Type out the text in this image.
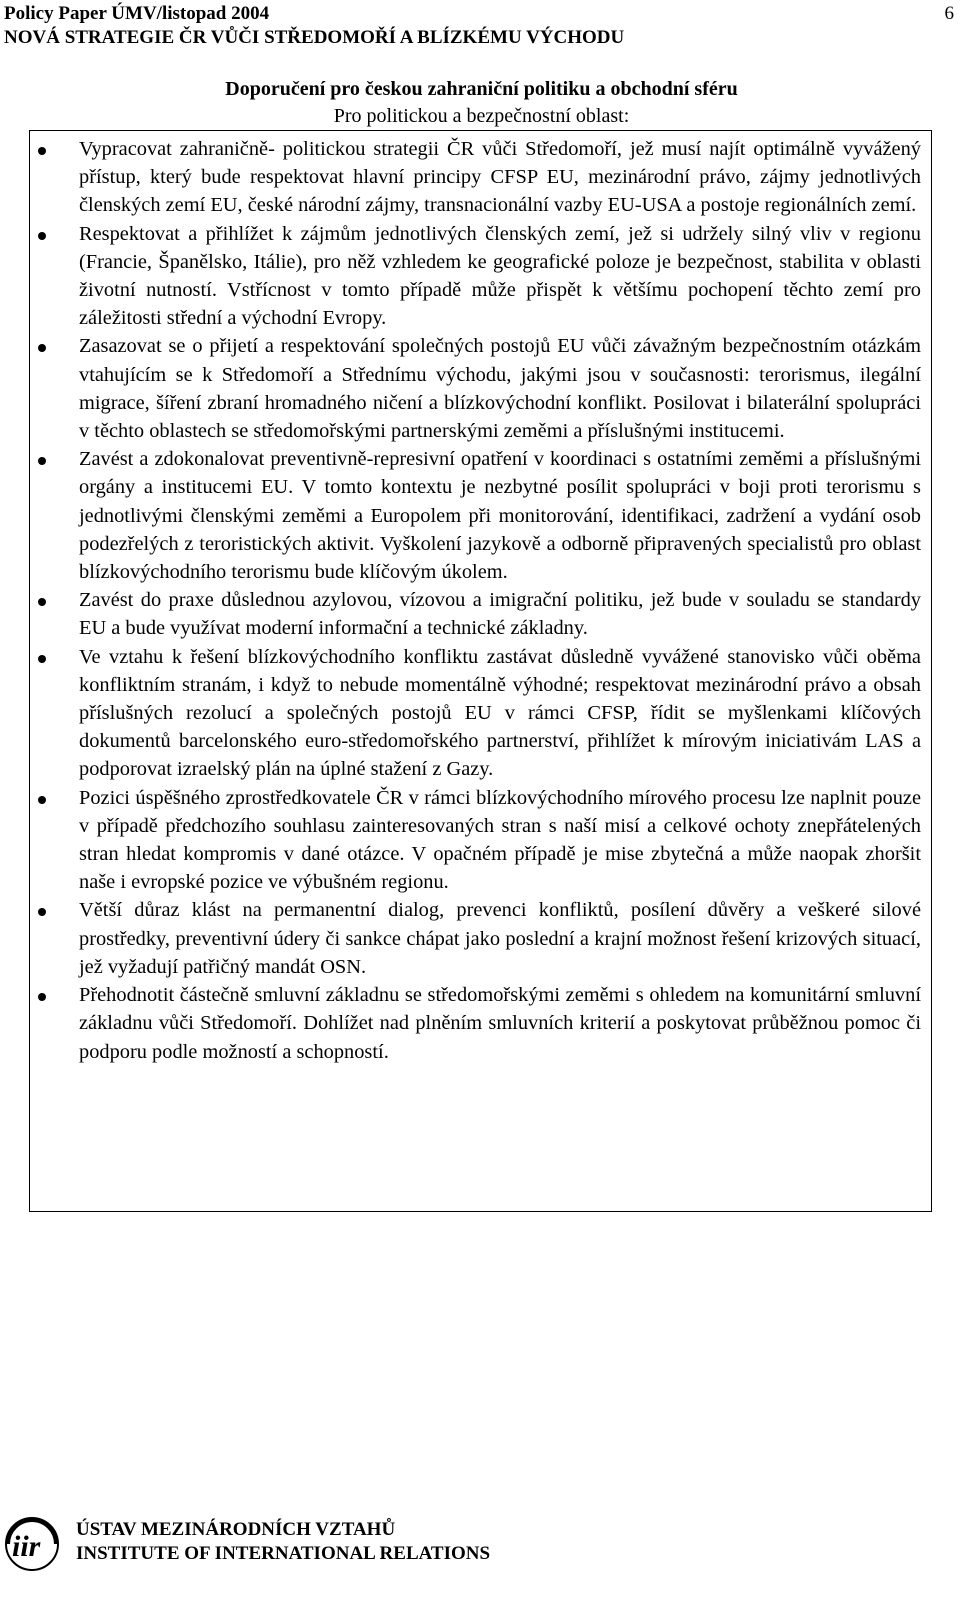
Policy Paper ÚMV/listopad 2004
NOVÁ STRATEGIE ČR VŮČI STŘEDOMOŘÍ A BLÍZKÉMU VÝCHODU
6
Doporučení pro českou zahraniční politiku a obchodní sféru
Pro politickou a bezpečnostní oblast:
Vypracovat zahraničně- politickou strategii ČR vůči Středomoří, jež musí najít optimálně vyvážený přístup, který bude respektovat hlavní principy CFSP EU, mezinárodní právo, zájmy jednotlivých členských zemí EU, české národní zájmy, transnacionální vazby EU-USA a postoje regionálních zemí.
Respektovat a přihlížet k zájmům jednotlivých členských zemí, jež si udržely silný vliv v regionu (Francie, Španělsko, Itálie), pro něž vzhledem ke geografické poloze je bezpečnost, stabilita v oblasti životní nutností. Vstřícnost v tomto případě může přispět k většímu pochopení těchto zemí pro záležitosti střední a východní Evropy.
Zasazovat se o přijetí a respektování společných postojů EU vůči závažným bezpečnostním otázkám vtahujícím se k Středomoří a Střednímu východu, jakými jsou v současnosti: terorismus, ilegální migrace, šíření zbraní hromadného ničení a blízkovýchodní konflikt. Posilovat i bilaterální spolupráci v těchto oblastech se středomořskými partnerskými zeměmi a příslušnými institucemi.
Zavést a zdokonalovat preventivně-represivní opatření v koordinaci s ostatními zeměmi a příslušnými orgány a institucemi EU. V tomto kontextu je nezbytné posílit spolupráci v boji proti terorismu s jednotlivými členskými zeměmi a Europolem při monitorování, identifikaci, zadržení a vydání osob podezřelých z teroristických aktivit. Vyškolení jazykově a odborně připravených specialistů pro oblast blízkovýchodního terorismu bude klíčovým úkolem.
Zavést do praxe důslednou azylovou, vízovou a imigrační politiku, jež bude v souladu se standardy EU a bude využívat moderní informační a technické základny.
Ve vztahu k řešení blízkovýchodního konfliktu zastávat důsledně vyvážené stanovisko vůči oběma konfliktním stranám, i když to nebude momentálně výhodné; respektovat mezinárodní právo a obsah příslušných rezolucí a společných postojů EU v rámci CFSP, řídit se myšlenkami klíčových dokumentů barcelonského euro-středomořského partnerství, přihlížet k mírovým iniciativám LAS a podporovat izraelský plán na úplné stažení z Gazy.
Pozici úspěšného zprostředkovatele ČR v rámci blízkovýchodního mírového procesu lze naplnit pouze v případě předchozího souhlasu zainteresovaných stran s naší misí a celkové ochoty znepřátelených stran hledat kompromis v dané otázce. V opačném případě je mise zbytečná a může naopak zhoršit naše i evropské pozice ve výbušném regionu.
Větší důraz klást na permanentní dialog, prevenci konfliktů, posílení důvěry a veškeré silové prostředky, preventivní údery či sankce chápat jako poslední a krajní možnost řešení krizových situací, jež vyžadují patřičný mandát OSN.
Přehodnotit částečně smluvní základnu se středomořskými zeměmi s ohledem na komunitární smluvní základnu vůči Středomoří. Dohlížet nad plněním smluvních kriterií a poskytovat průběžnou pomoc či podporu podle možností a schopností.
iir
ÚSTAV MEZINÁRODNÍCH VZTAHŮ
INSTITUTE OF INTERNATIONAL RELATIONS
